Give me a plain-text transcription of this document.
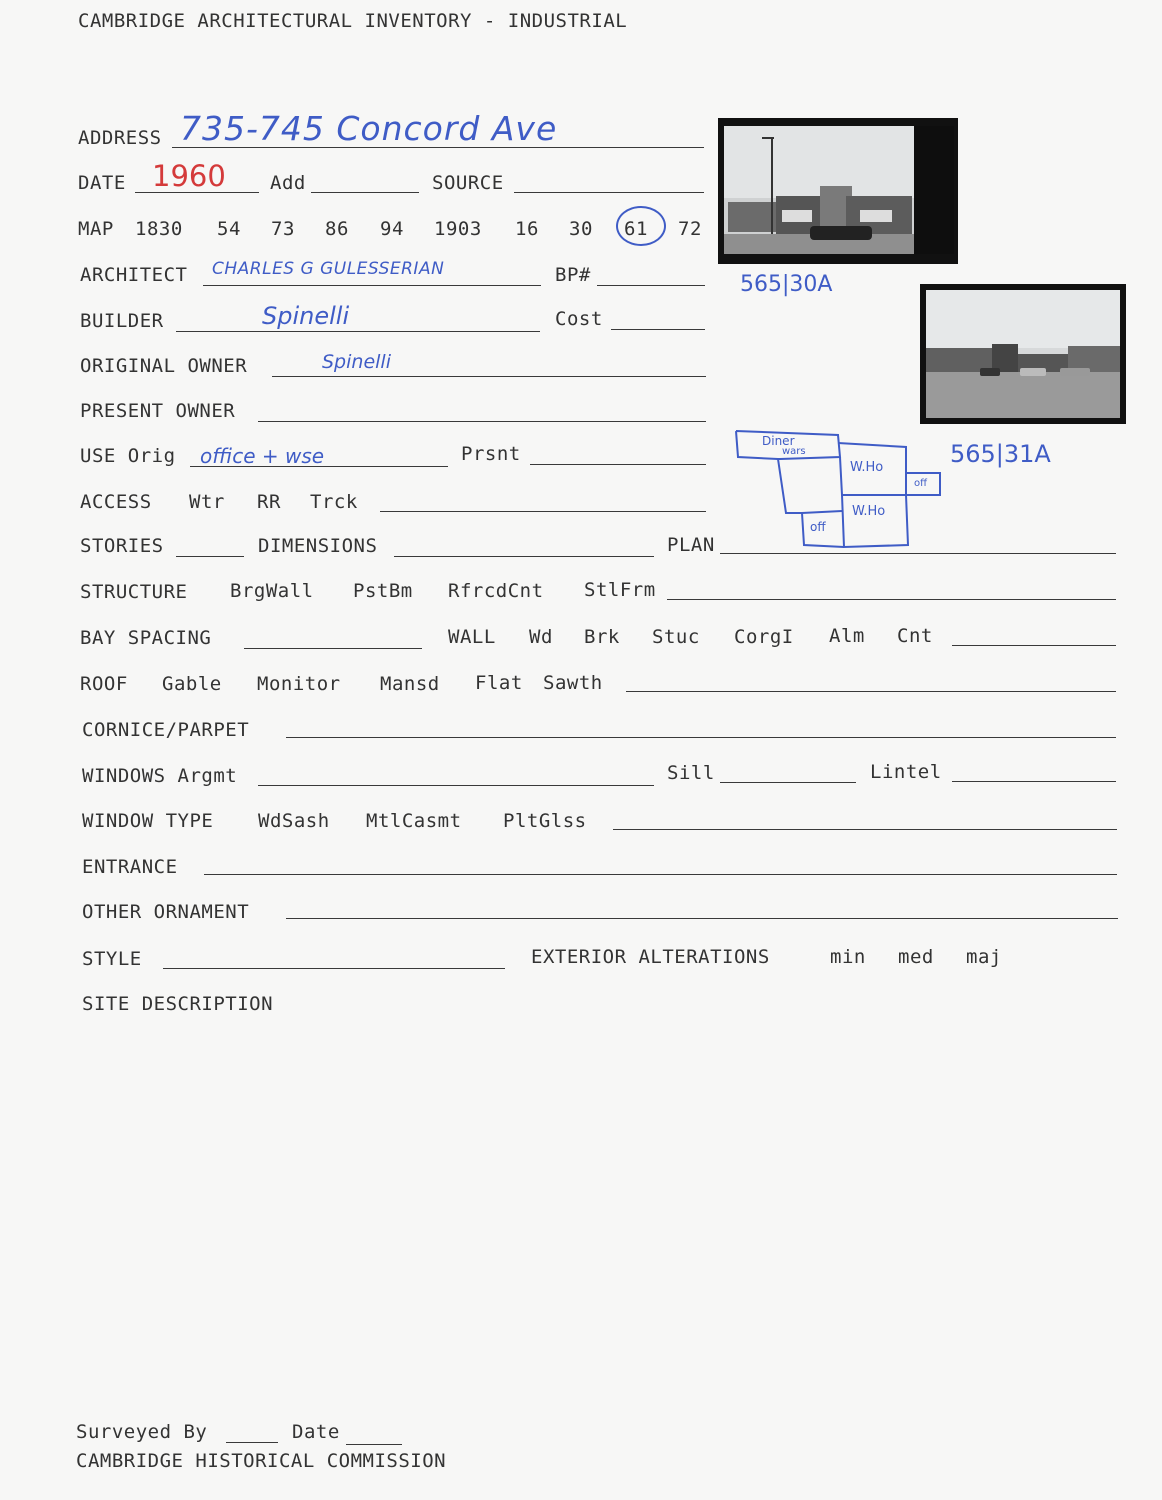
CAMBRIDGE ARCHITECTURAL INVENTORY - INDUSTRIAL
ADDRESS 735-745 Concord Ave
DATE 1960 Add	SOURCE
MAP 1830 54 73 86 94 1903 16 30 61 72
ARCHITECT CHARLES G GULESSERIAN	BP#
BUILDER	Spinelli	Cost
ORIGINAL OWNER	Spinelli
PRESENT OWNER
USE Orig office + wse	Prsnt
ACCESS Wtr RR Trck
STORIES	DIMENSIONS	PLAN
STRUCTURE BrgWall PstBm RfrcdCnt StlFrm
BAY SPACING	WALL Wd Brk Stuc CorgI Alm Cnt
ROOF Gable Monitor Mansd Flat Sawth
CORNICE/PARPET
WINDOWS Argmt	Sill	Lintel
WINDOW TYPE WdSash MtlCasmt PltGlss
ENTRANCE
OTHER ORNAMENT
STYLE	EXTERIOR ALTERATIONS	min med maj
SITE DESCRIPTION
565|30A
565|31A
Diner
wars
W.Ho
W.Ho
off
off
Surveyed By	Date
CAMBRIDGE HISTORICAL COMMISSION
